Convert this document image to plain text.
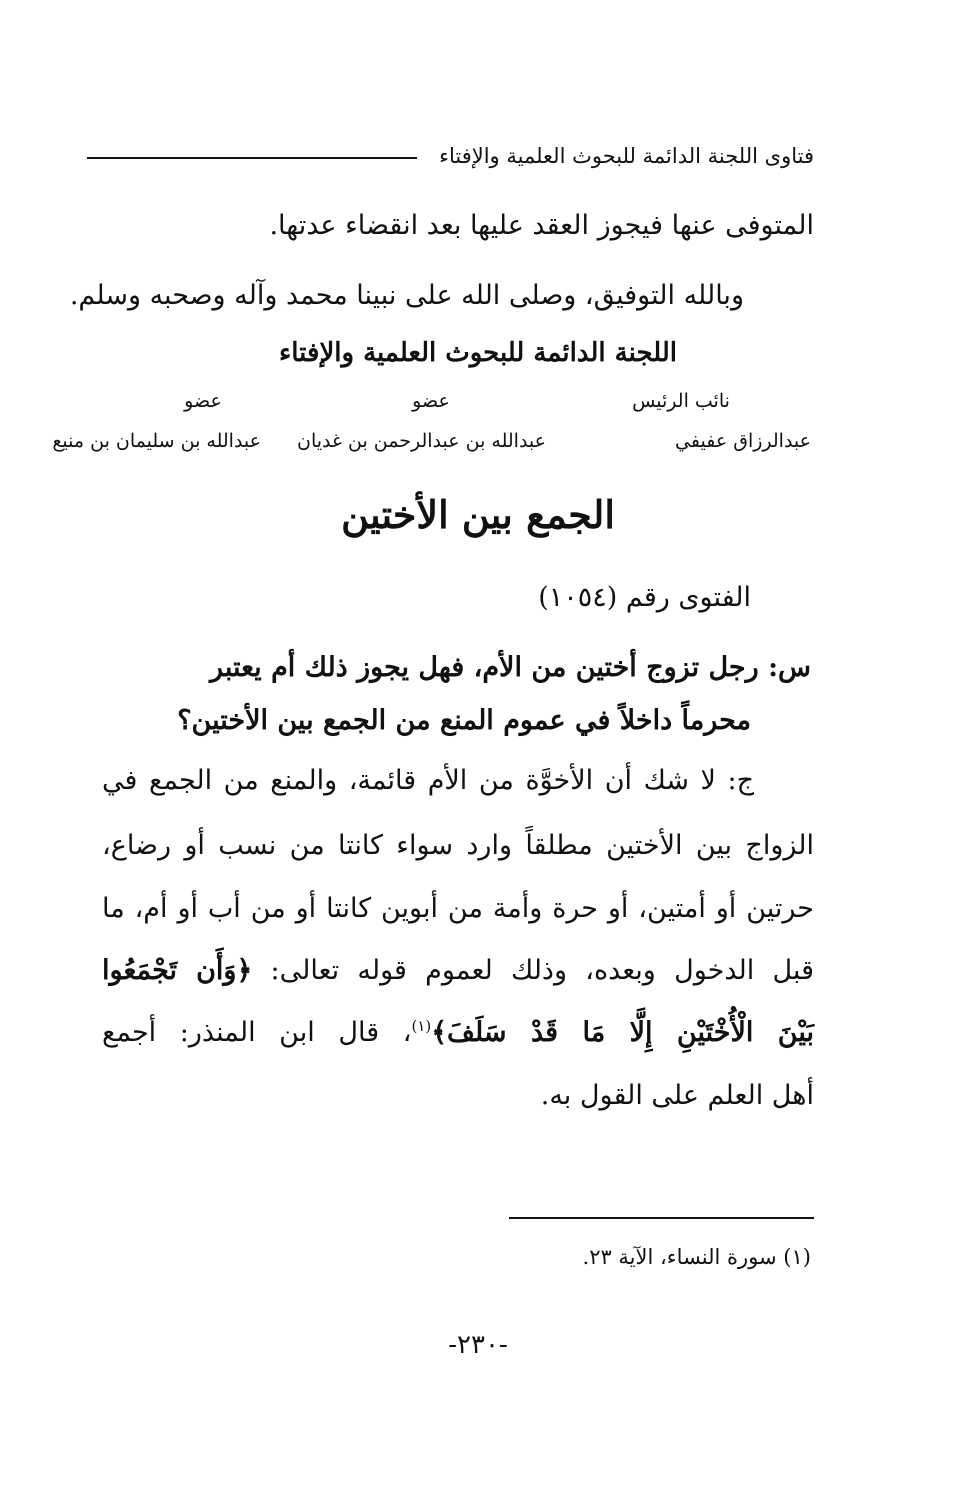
فتاوى اللجنة الدائمة للبحوث العلمية والإفتاء
المتوفى عنها فيجوز العقد عليها بعد انقضاء عدتها.
وبالله التوفيق، وصلى الله على نبينا محمد وآله وصحبه وسلم.
اللجنة الدائمة للبحوث العلمية والإفتاء
نائب الرئيس
عضو
عضو
عبدالله بن سليمان بن منيع عبدالله بن عبدالرحمن بن غديان	عبدالرزاق عفيفي
الجمع بين الأختين
الفتوى رقم (١٠٥٤)
س: رجل تزوج أختين من الأم، فهل يجوز ذلك أم يعتبر
محرماً داخلاً في عموم المنع من الجمع بين الأختين؟
ج: لا شك أن الأخوَّة من الأم قائمة، والمنع من الجمع في
الزواج بين الأختين مطلقاً وارد سواء كانتا من نسب أو رضاع،
حرتين أو أمتين، أو حرة وأمة من أبوين كانتا أو من أب أو أم، ما
قبل الدخول وبعده، وذلك لعموم قوله تعالى: ﴿وَأَن تَجْمَعُوا
بَيْنَ الْأُخْتَيْنِ إِلَّا مَا قَدْ سَلَفَ﴾$^{(١)}$، قال ابن المنذر: أجمع
أهل العلم على القول به.
(١) سورة النساء، الآية ٢٣.
-٢٣٠-
